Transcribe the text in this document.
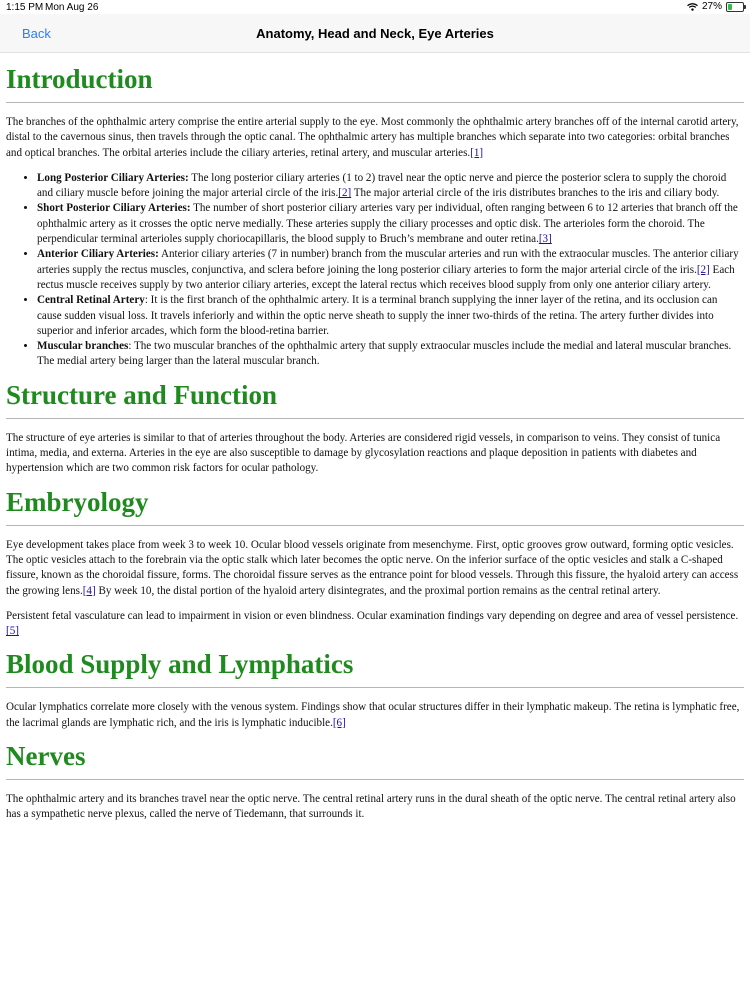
1:15 PM Mon Aug 26	27%
Back	Anatomy, Head and Neck, Eye Arteries
Introduction

The branches of the ophthalmic artery comprise the entire arterial supply to the eye. Most commonly the ophthalmic artery branches off of the internal carotid artery, distal to the cavernous sinus, then travels through the optic canal. The ophthalmic artery has multiple branches which separate into two categories: orbital branches and optical branches. The orbital arteries include the ciliary arteries, retinal artery, and muscular arteries.[1]

• Long Posterior Ciliary Arteries: The long posterior ciliary arteries (1 to 2) travel near the optic nerve and pierce the posterior sclera to supply the choroid and ciliary muscle before joining the major arterial circle of the iris.[2] The major arterial circle of the iris distributes branches to the iris and ciliary body.
• Short Posterior Ciliary Arteries: The number of short posterior ciliary arteries vary per individual, often ranging between 6 to 12 arteries that branch off the ophthalmic artery as it crosses the optic nerve medially. These arteries supply the ciliary processes and optic disk. The arterioles form the choroid. The perpendicular terminal arterioles supply choriocapillaris, the blood supply to Bruch’s membrane and outer retina.[3]
• Anterior Ciliary Arteries: Anterior ciliary arteries (7 in number) branch from the muscular arteries and run with the extraocular muscles. The anterior ciliary arteries supply the rectus muscles, conjunctiva, and sclera before joining the long posterior ciliary arteries to form the major arterial circle of the iris.[2] Each rectus muscle receives supply by two anterior ciliary arteries, except the lateral rectus which receives blood supply from only one anterior ciliary artery.
• Central Retinal Artery: It is the first branch of the ophthalmic artery. It is a terminal branch supplying the inner layer of the retina, and its occlusion can cause sudden visual loss. It travels inferiorly and within the optic nerve sheath to supply the inner two-thirds of the retina. The artery further divides into superior and inferior arcades, which form the blood-retina barrier.
• Muscular branches: The two muscular branches of the ophthalmic artery that supply extraocular muscles include the medial and lateral muscular branches. The medial artery being larger than the lateral muscular branch.
Structure and Function

The structure of eye arteries is similar to that of arteries throughout the body. Arteries are considered rigid vessels, in comparison to veins. They consist of tunica intima, media, and externa. Arteries in the eye are also susceptible to damage by glycosylation reactions and plaque deposition in patients with diabetes and hypertension which are two common risk factors for ocular pathology.

Embryology

Eye development takes place from week 3 to week 10. Ocular blood vessels originate from mesenchyme. First, optic grooves grow outward, forming optic vesicles. The optic vesicles attach to the forebrain via the optic stalk which later becomes the optic nerve. On the inferior surface of the optic vesicles and stalk a C-shaped fissure, known as the choroidal fissure, forms. The choroidal fissure serves as the entrance point for blood vessels. Through this fissure, the hyaloid artery can access the growing lens.[4] By week 10, the distal portion of the hyaloid artery disintegrates, and the proximal portion remains as the central retinal artery.

Persistent fetal vasculature can lead to impairment in vision or even blindness. Ocular examination findings vary depending on degree and area of vessel persistence.[5]

Blood Supply and Lymphatics

Ocular lymphatics correlate more closely with the venous system. Findings show that ocular structures differ in their lymphatic makeup. The retina is lymphatic free, the lacrimal glands are lymphatic rich, and the iris is lymphatic inducible.[6]

Nerves

The ophthalmic artery and its branches travel near the optic nerve. The central retinal artery runs in the dural sheath of the optic nerve. The central retinal artery also has a sympathetic nerve plexus, called the nerve of Tiedemann, that surrounds it.
